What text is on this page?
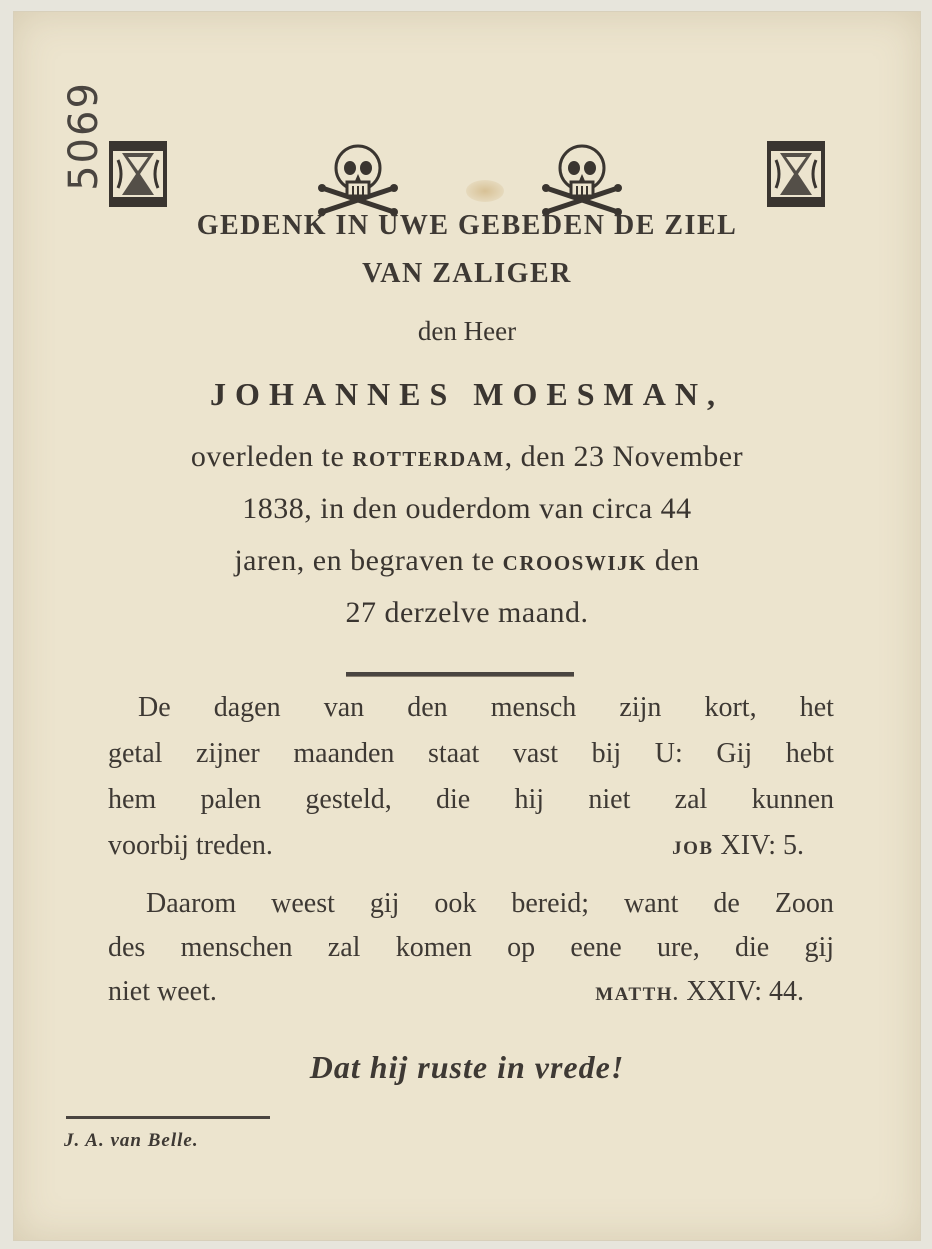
5069
GEDENK IN UWE GEBEDEN DE ZIEL
VAN ZALIGER
den Heer
JOHANNES MOESMAN,
overleden te ROTTERDAM, den 23 November
1838, in den ouderdom van circa 44
jaren, en begraven te CROOSWIJK den
27 derzelve maand.
De dagen van den mensch zijn kort, het
getal zijner maanden staat vast bij U: Gij hebt
hem palen gesteld, die hij niet zal kunnen
voorbij treden.	JOB XIV: 5.
Daarom weest gij ook bereid; want de Zoon
des menschen zal komen op eene ure, die gij
niet weet.	MATTH. XXIV: 44.
Dat hij ruste in vrede!
J. A. van Belle.
